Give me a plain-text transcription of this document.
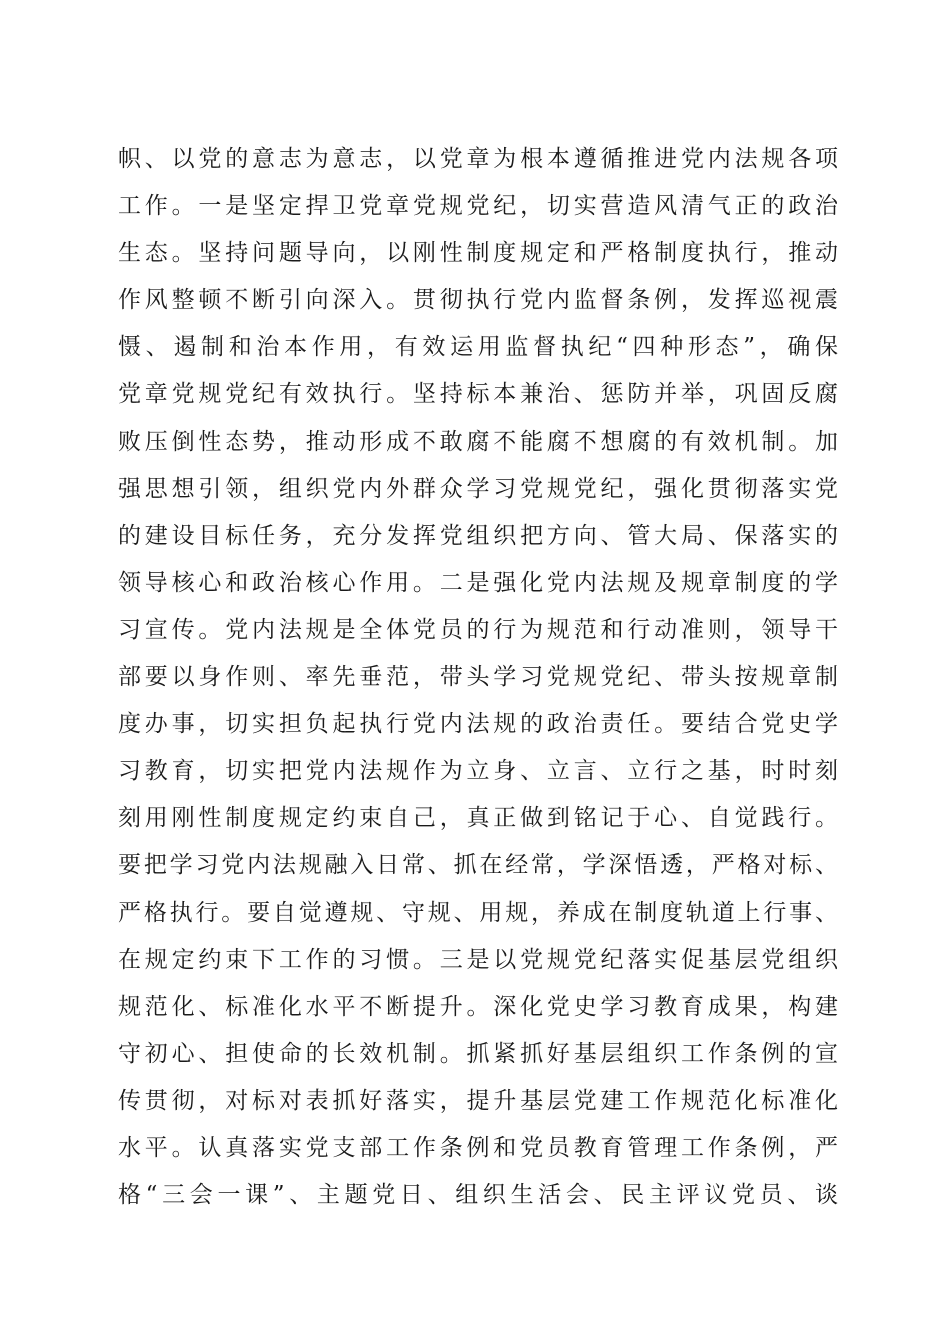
帜、以党的意志为意志，以党章为根本遵循推进党内法规各项
工作。一是坚定捍卫党章党规党纪，切实营造风清气正的政治
生态。坚持问题导向，以刚性制度规定和严格制度执行，推动
作风整顿不断引向深入。贯彻执行党内监督条例，发挥巡视震
慑、遏制和治本作用，有效运用监督执纪“四种形态”，确保
党章党规党纪有效执行。坚持标本兼治、惩防并举，巩固反腐
败压倒性态势，推动形成不敢腐不能腐不想腐的有效机制。加
强思想引领，组织党内外群众学习党规党纪，强化贯彻落实党
的建设目标任务，充分发挥党组织把方向、管大局、保落实的
领导核心和政治核心作用。二是强化党内法规及规章制度的学
习宣传。党内法规是全体党员的行为规范和行动准则，领导干
部要以身作则、率先垂范，带头学习党规党纪、带头按规章制
度办事，切实担负起执行党内法规的政治责任。要结合党史学
习教育，切实把党内法规作为立身、立言、立行之基，时时刻
刻用刚性制度规定约束自己，真正做到铭记于心、自觉践行。
要把学习党内法规融入日常、抓在经常，学深悟透，严格对标、
严格执行。要自觉遵规、守规、用规，养成在制度轨道上行事、
在规定约束下工作的习惯。三是以党规党纪落实促基层党组织
规范化、标准化水平不断提升。深化党史学习教育成果，构建
守初心、担使命的长效机制。抓紧抓好基层组织工作条例的宣
传贯彻，对标对表抓好落实，提升基层党建工作规范化标准化
水平。认真落实党支部工作条例和党员教育管理工作条例，严
格“三会一课”、主题党日、组织生活会、民主评议党员、谈
